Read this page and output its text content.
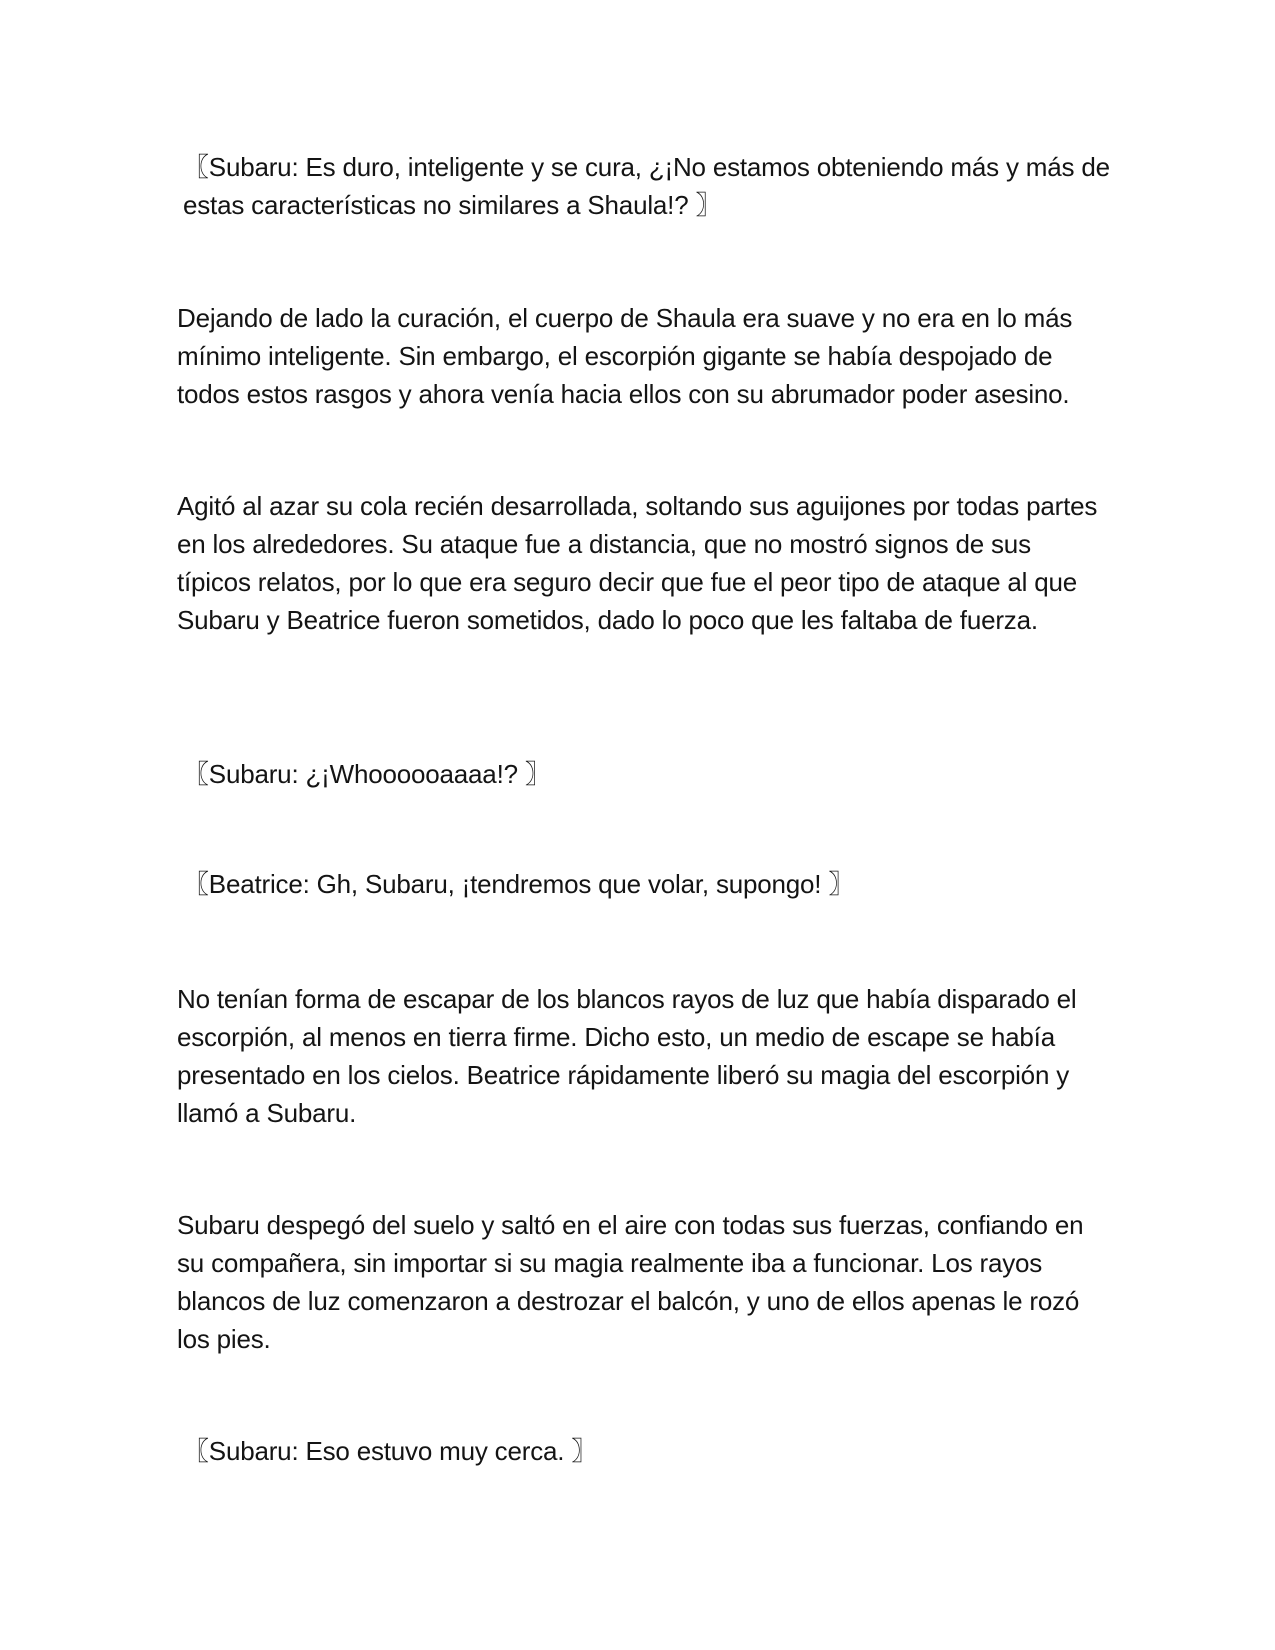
〖Subaru: Es duro, inteligente y se cura, ¿¡No estamos obteniendo más y más de estas características no similares a Shaula!? 〗

Dejando de lado la curación, el cuerpo de Shaula era suave y no era en lo más mínimo inteligente. Sin embargo, el escorpión gigante se había despojado de todos estos rasgos y ahora venía hacia ellos con su abrumador poder asesino.

Agitó al azar su cola recién desarrollada, soltando sus aguijones por todas partes en los alrededores. Su ataque fue a distancia, que no mostró signos de sus típicos relatos, por lo que era seguro decir que fue el peor tipo de ataque al que Subaru y Beatrice fueron sometidos, dado lo poco que les faltaba de fuerza.

〖Subaru: ¿¡Whoooooaaaa!? 〗

〖Beatrice: Gh, Subaru, ¡tendremos que volar, supongo! 〗

No tenían forma de escapar de los blancos rayos de luz que había disparado el escorpión, al menos en tierra firme. Dicho esto, un medio de escape se había presentado en los cielos. Beatrice rápidamente liberó su magia del escorpión y llamó a Subaru.

Subaru despegó del suelo y saltó en el aire con todas sus fuerzas, confiando en su compañera, sin importar si su magia realmente iba a funcionar. Los rayos blancos de luz comenzaron a destrozar el balcón, y uno de ellos apenas le rozó los pies.

〖Subaru: Eso estuvo muy cerca. 〗
